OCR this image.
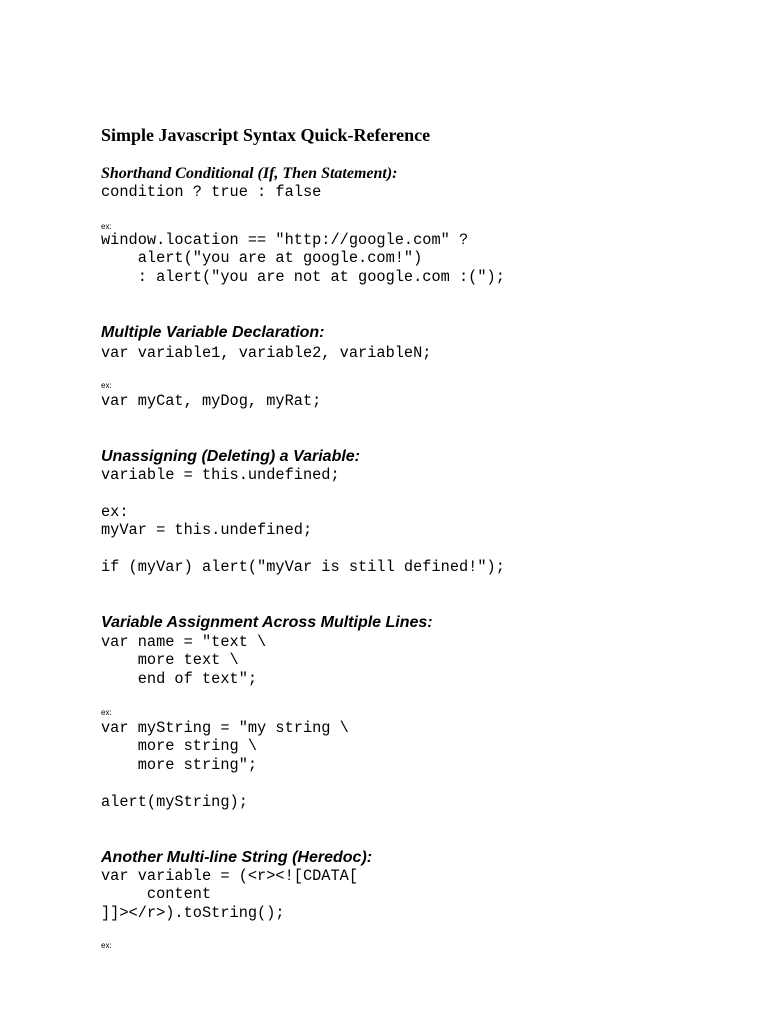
Simple Javascript Syntax Quick-Reference
Shorthand Conditional (If, Then Statement):
condition ? true : false
ex:
window.location == "http://google.com" ?
alert("you are at google.com!")
: alert("you are not at google.com :(");
Multiple Variable Declaration:
var variable1, variable2, variableN;
ex:
var myCat, myDog, myRat;
Unassigning (Deleting) a Variable:
variable = this.undefined;
ex:
myVar = this.undefined;

if (myVar) alert("myVar is still defined!");
Variable Assignment Across Multiple Lines:
var name = "text \
more text \
end of text";
ex:
var myString = "my string \
more string \
more string";

alert(myString);
Another Multi-line String (Heredoc):
var variable = (<r><![CDATA[
content
]]></r>).toString();
ex:
